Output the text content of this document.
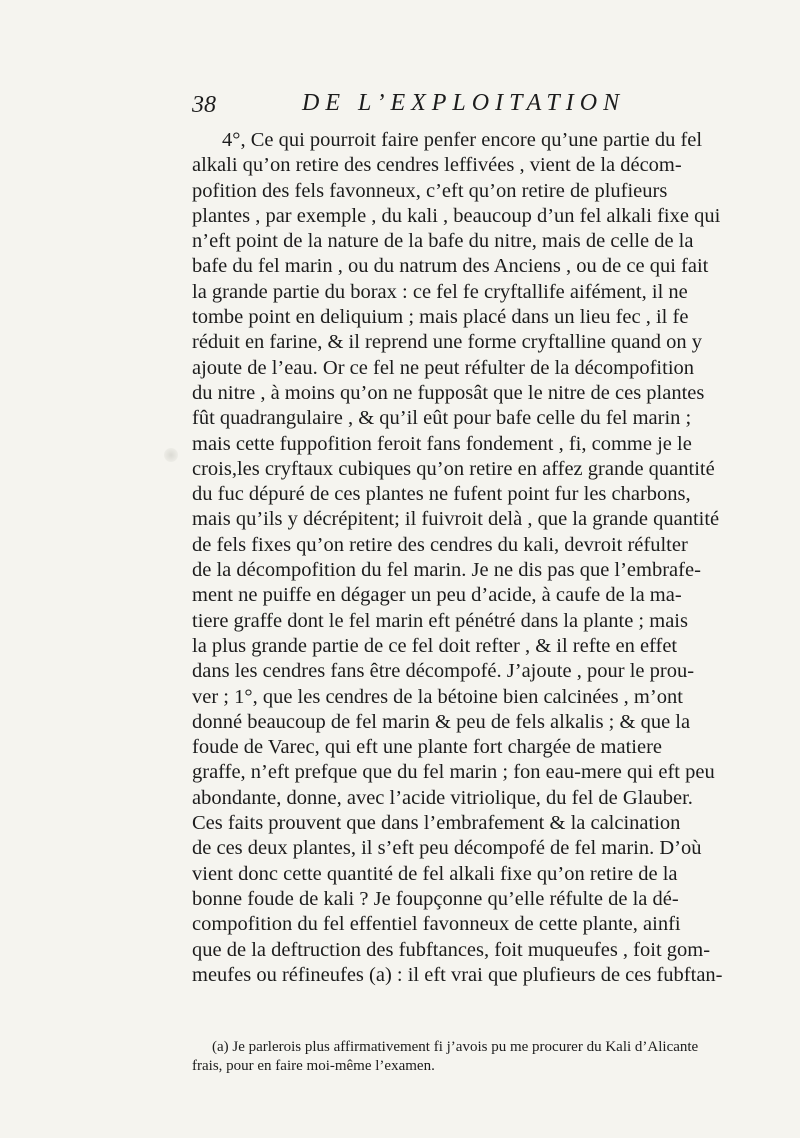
38	DE L’EXPLOITATION
4°, Ce qui pourroit faire penfer encore qu’une partie du fel
alkali qu’on retire des cendres leffivées , vient de la décom-
pofition des fels favonneux, c’eft qu’on retire de plufieurs
plantes , par exemple , du kali , beaucoup d’un fel alkali fixe qui
n’eft point de la nature de la bafe du nitre, mais de celle de la
bafe du fel marin , ou du natrum des Anciens , ou de ce qui fait
la grande partie du borax : ce fel fe cryftallife aifément, il ne
tombe point en deliquium ; mais placé dans un lieu fec , il fe
réduit en farine, & il reprend une forme cryftalline quand on y
ajoute de l’eau. Or ce fel ne peut réfulter de la décompofition
du nitre , à moins qu’on ne fupposât que le nitre de ces plantes
fût quadrangulaire , & qu’il eût pour bafe celle du fel marin ;
mais cette fuppofition feroit fans fondement , fi, comme je le
crois,les cryftaux cubiques qu’on retire en affez grande quantité
du fuc dépuré de ces plantes ne fufent point fur les charbons,
mais qu’ils y décrépitent; il fuivroit delà , que la grande quantité
de fels fixes qu’on retire des cendres du kali, devroit réfulter
de la décompofition du fel marin. Je ne dis pas que l’embrafe-
ment ne puiffe en dégager un peu d’acide, à caufe de la ma-
tiere graffe dont le fel marin eft pénétré dans la plante ; mais
la plus grande partie de ce fel doit refter , & il refte en effet
dans les cendres fans être décompofé. J’ajoute , pour le prou-
ver ; 1°, que les cendres de la bétoine bien calcinées , m’ont
donné beaucoup de fel marin & peu de fels alkalis ; & que la
foude de Varec, qui eft une plante fort chargée de matiere
graffe, n’eft prefque que du fel marin ; fon eau-mere qui eft peu
abondante, donne, avec l’acide vitriolique, du fel de Glauber.
Ces faits prouvent que dans l’embrafement & la calcination
de ces deux plantes, il s’eft peu décompofé de fel marin. D’où
vient donc cette quantité de fel alkali fixe qu’on retire de la
bonne foude de kali ? Je foupçonne qu’elle réfulte de la dé-
compofition du fel effentiel favonneux de cette plante, ainfi
que de la deftruction des fubftances, foit muqueufes , foit gom-
meufes ou réfineufes (a) : il eft vrai que plufieurs de ces fubftan-
(a) Je parlerois plus affirmativement fi j’avois pu me procurer du Kali d’Alicante
frais, pour en faire moi-même l’examen.
